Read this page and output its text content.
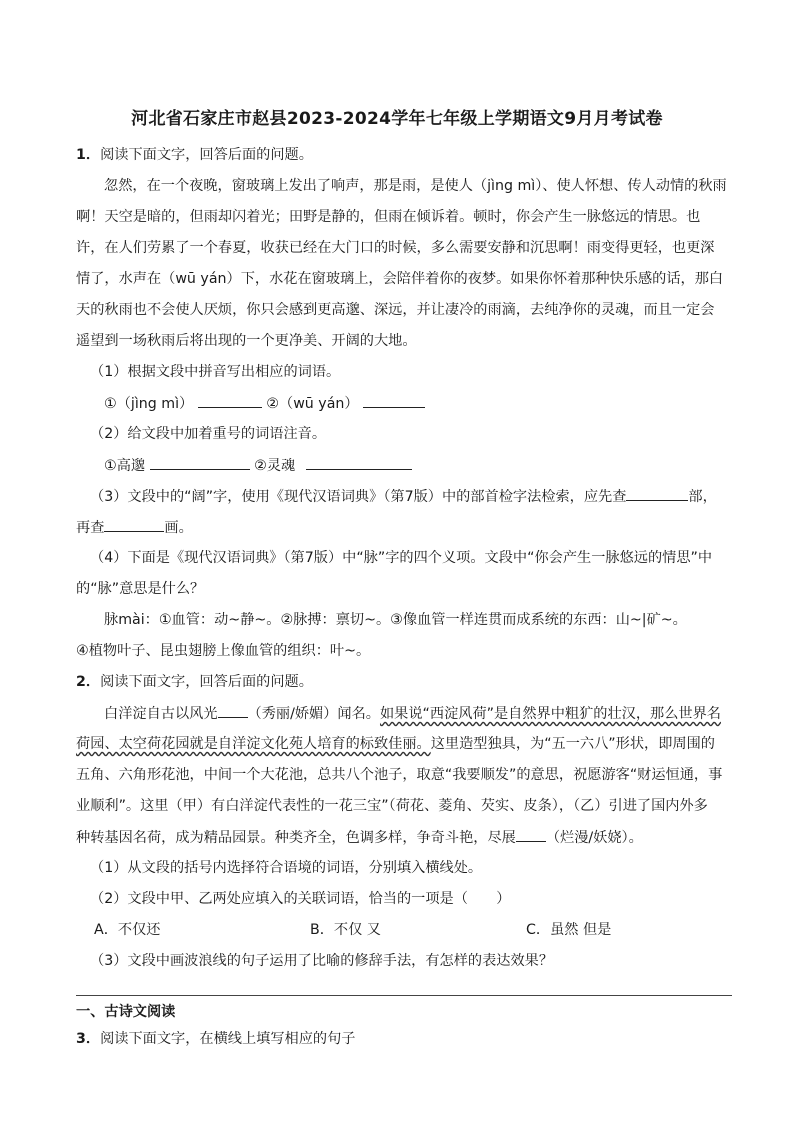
河北省石家庄市赵县2023-2024学年七年级上学期语文9月月考试卷
1．阅读下面文字，回答后面的问题。
忽然，在一个夜晚，窗玻璃上发出了响声，那是雨，是使人（jìng mì）、使人怀想、传人动情的秋雨
啊！天空是暗的，但雨却闪着光；田野是静的，但雨在倾诉着。顿时，你会产生一脉悠远的情思。也
许，在人们劳累了一个春夏，收获已经在大门口的时候，多么需要安静和沉思啊！雨变得更轻，也更深
情了，水声在（wū yán）下，水花在窗玻璃上，会陪伴着你的夜梦。如果你怀着那种快乐感的话，那白
天的秋雨也不会使人厌烦，你只会感到更高邈、深远，并让凄冷的雨滴，去纯净你的灵魂，而且一定会
遥望到一场秋雨后将出现的一个更净美、开阔的大地。
（1）根据文段中拼音写出相应的词语。
①（jìng mì）	②（wū yán）
（2）给文段中加着重号的词语注音。
①高邈	②灵魂
（3）文段中的“阔”字，使用《现代汉语词典》（第7版）中的部首检字法检索，应先查	部，
再查	画。
（4）下面是《现代汉语词典》（第7版）中“脉”字的四个义项。文段中“你会产生一脉悠远的情思”中
的“脉”意思是什么？
脉mài：①血管：动~静~。②脉搏：禀切~。③像血管一样连贯而成系统的东西：山~|矿~。
④植物叶子、昆虫翅膀上像血管的组织：叶~。
2．阅读下面文字，回答后面的问题。
白洋淀自古以风光 （秀丽/娇媚）闻名。如果说“西淀风荷”是自然界中粗犷的壮汉，那么世界名
荷园、太空荷花园就是自洋淀文化苑人培育的标致佳丽。这里造型独具，为“五一六八”形状，即周围的
五角、六角形花池，中间一个大花池，总共八个池子，取意“我要顺发”的意思，祝愿游客“财运恒通，事
业顺利”。这里（甲）有白洋淀代表性的一花三宝”（荷花、菱角、芡实、皮条），（乙）引进了国内外多
种转基因名荷，成为精品园景。种类齐全，色调多样，争奇斗艳，尽展 （烂漫/妖娆）。
（1）从文段的括号内选择符合语境的词语，分别填入横线处。
（2）文段中甲、乙两处应填入的关联词语，恰当的一项是（　　）
A．不仅还	B．不仅 又	C．虽然 但是
（3）文段中画波浪线的句子运用了比喻的修辞手法，有怎样的表达效果？
一、古诗文阅读
3．阅读下面文字，在横线上填写相应的句子
